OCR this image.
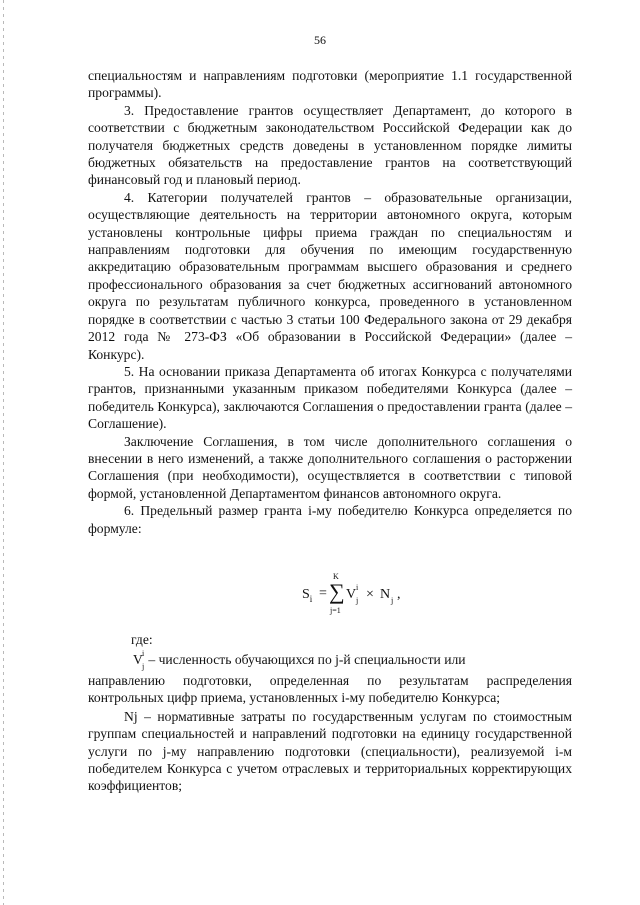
56

специальностям и направлениям подготовки (мероприятие 1.1 государственной программы).

3. Предоставление грантов осуществляет Департамент, до которого в соответствии с бюджетным законодательством Российской Федерации как до получателя бюджетных средств доведены в установленном порядке лимиты бюджетных обязательств на предоставление грантов на соответствующий финансовый год и плановый период.

4. Категории получателей грантов – образовательные организации, осуществляющие деятельность на территории автономного округа, которым установлены контрольные цифры приема граждан по специальностям и направлениям подготовки для обучения по имеющим государственную аккредитацию образовательным программам высшего образования и среднего профессионального образования за счет бюджетных ассигнований автономного округа по результатам публичного конкурса, проведенного в установленном порядке в соответствии с частью 3 статьи 100 Федерального закона от 29 декабря 2012 года № 273-ФЗ «Об образовании в Российской Федерации» (далее – Конкурс).

5. На основании приказа Департамента об итогах Конкурса с получателями грантов, признанными указанным приказом победителями Конкурса (далее – победитель Конкурса), заключаются Соглашения о предоставлении гранта (далее – Соглашение).

Заключение Соглашения, в том числе дополнительного соглашения о внесении в него изменений, а также дополнительного соглашения о расторжении Соглашения (при необходимости), осуществляется в соответствии с типовой формой, установленной Департаментом финансов автономного округа.

6. Предельный размер гранта i-му победителю Конкурса определяется по формуле:

$S_i$ =
K
∑
j=1
V i
j × N j ,
где:

V i
j – численность обучающихся по j-й специальности или

направлению подготовки, определенная по результатам распределения контрольных цифр приема, установленных i-му победителю Конкурса;

Nj – нормативные затраты по государственным услугам по стоимостным группам специальностей и направлений подготовки на единицу государственной услуги по j-му направлению подготовки (специальности), реализуемой i-м победителем Конкурса с учетом отраслевых и территориальных корректирующих коэффициентов;
